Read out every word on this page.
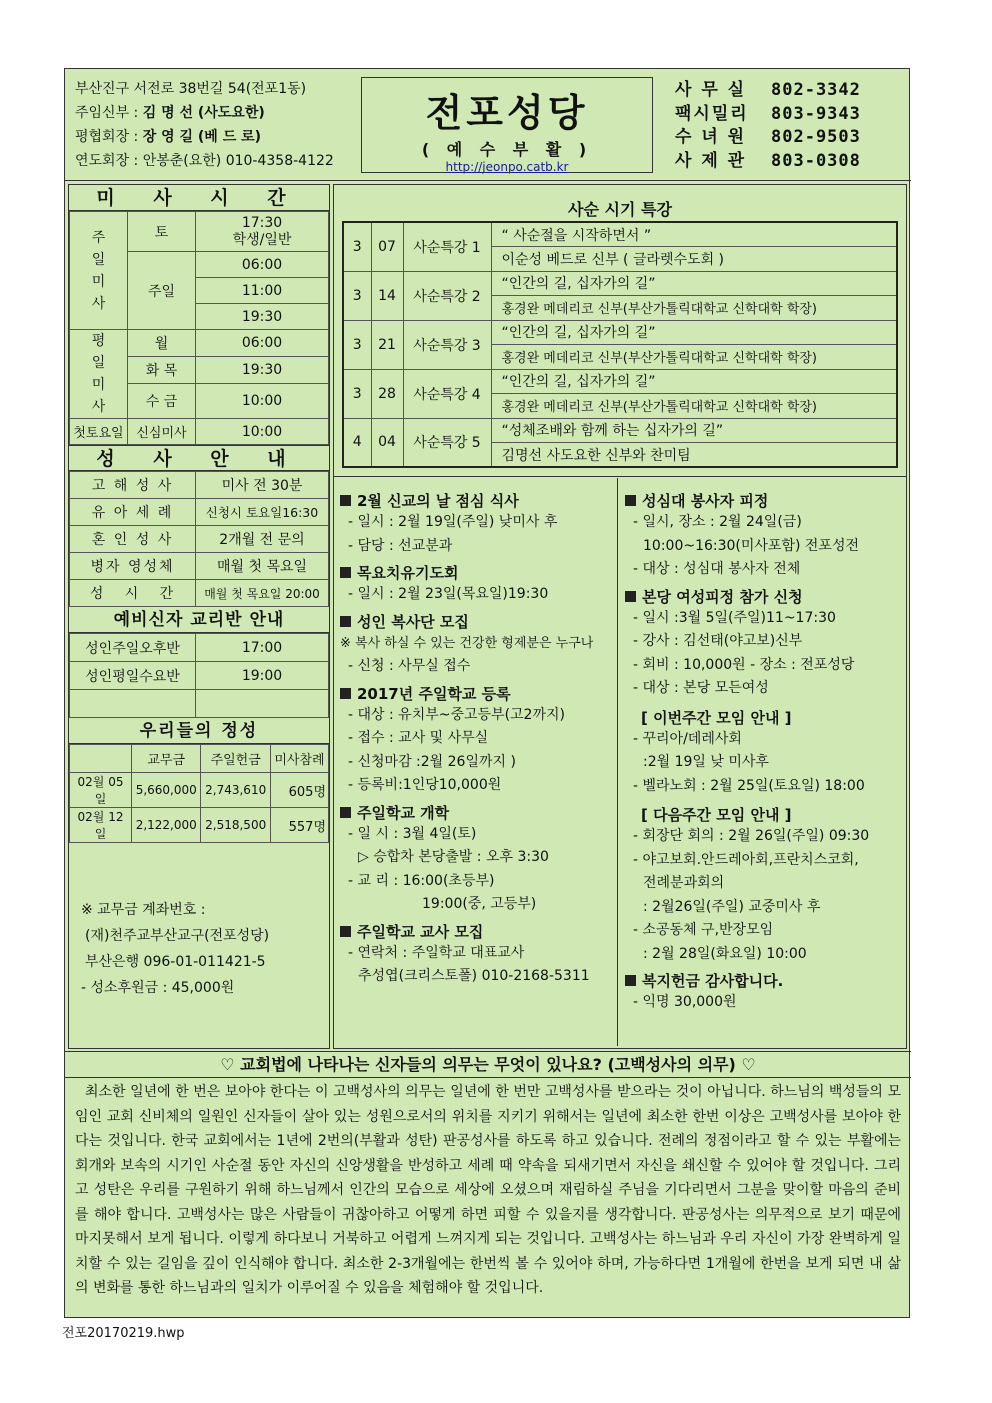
부산진구 서전로 38번길 54(전포1동)
주임신부 : 김 명 선 (사도요한)
평협회장 : 장 영 길 (베 드 로)
연도회장 : 안봉춘(요한) 010-4358-4122
전포성당
( 예 수 부 활 )
http://jeonpo.catb.kr
사 무 실	802-3342
팩시밀리	803-9343
수 녀 원	802-9503
사 제 관	803-0308
미 사 시 간
주
일
미
사	토	17:30
학생/일반
	주일	06:00
		11:00
		19:30
평
일
미
사	월	06:00
	화 목	19:30
	수 금	10:00
첫토요일	신심미사	10:00
성 사 안 내
고 해 성 사	미사 전 30분
유 아 세 례	신청시 토요일16:30
혼 인 성 사	2개월 전 문의
병자 영성체	매월 첫 목요일
성   시   간	매월 첫 목요일 20:00
예비신자 교리반 안내
성인주일오후반	17:00
성인평일수요반	19:00

우리들의 정성
	교무금	주일헌금	미사참례
02월 05일	5,660,000	2,743,610	605명
02월 12일	2,122,000	2,518,500	557명
※ 교무금 계좌번호 :
(재)천주교부산교구(전포성당)
부산은행 096-01-011421-5
- 성소후원금 : 45,000원
사순 시기 특강
3	07	사순특강 1	“ 사순절을 시작하면서 ”
			이순성 베드로 신부 ( 글라렛수도회 )
3	14	사순특강 2	“인간의 길, 십자가의 길”
			홍경완 메데리코 신부(부산가톨릭대학교 신학대학 학장)
3	21	사순특강 3	“인간의 길, 십자가의 길”
			홍경완 메데리코 신부(부산가톨릭대학교 신학대학 학장)
3	28	사순특강 4	“인간의 길, 십자가의 길”
			홍경완 메데리코 신부(부산가톨릭대학교 신학대학 학장)
4	04	사순특강 5	“성체조배와 함께 하는 십자가의 길”
			김명선 사도요한 신부와 찬미팀
2월 신교의 날 점심 식사
- 일시 : 2월 19일(주일) 낮미사 후
- 담당 : 선교분과
목요치유기도회
- 일시 : 2월 23일(목요일)19:30
성인 복사단 모집
※ 복사 하실 수 있는 건강한 형제분은 누구나
- 신청 : 사무실 접수
2017년 주일학교 등록
- 대상 : 유치부~중고등부(고2까지)
- 접수 : 교사 및 사무실
- 신청마감 :2월 26일까지 )
- 등록비:1인당10,000원
주일학교 개학
- 일 시 : 3월 4일(토)
▷ 승합차 본당출발 : 오후 3:30
- 교 리 : 16:00(초등부)
19:00(중, 고등부)
주일학교 교사 모집
- 연락처 : 주일학교 대표교사
추성엽(크리스토폴) 010-2168-5311
성심대 봉사자 피정
- 일시, 장소 : 2월 24일(금)
10:00~16:30(미사포함) 전포성전
- 대상 : 성심대 봉사자 전체
본당 여성피정 참가 신청
- 일시 :3월 5일(주일)11~17:30
- 강사 : 김선태(야고보)신부
- 회비 : 10,000원 - 장소 : 전포성당
- 대상 : 본당 모든여성
[ 이번주간 모임 안내 ]
- 꾸리아/데레사회
:2월 19일 낮 미사후
- 벨라노회 : 2월 25일(토요일) 18:00
[ 다음주간 모임 안내 ]
- 회장단 회의 : 2월 26일(주일) 09:30
- 야고보회.안드레아회,프란치스코회,
전례분과회의
: 2월26일(주일) 교중미사 후
- 소공동체 구,반장모임
: 2월 28일(화요일) 10:00
복지헌금 감사합니다.
- 익명 30,000원
♡ 교회법에 나타나는 신자들의 의무는 무엇이 있나요? (고백성사의 의무) ♡
최소한 일년에 한 번은 보아야 한다는 이 고백성사의 의무는 일년에 한 번만 고백성사를 받으라는 것이 아닙니다. 하느님의 백성들의 모임인 교회 신비체의 일원인 신자들이 살아 있는 성원으로서의 위치를 지키기 위해서는 일년에 최소한 한번 이상은 고백성사를 보아야 한다는 것입니다. 한국 교회에서는 1년에 2번의(부활과 성탄) 판공성사를 하도록 하고 있습니다. 전례의 정점이라고 할 수 있는 부활에는 회개와 보속의 시기인 사순절 동안 자신의 신앙생활을 반성하고 세례 때 약속을 되새기면서 자신을 쇄신할 수 있어야 할 것입니다. 그리고 성탄은 우리를 구원하기 위해 하느님께서 인간의 모습으로 세상에 오셨으며 재림하실 주님을 기다리면서 그분을 맞이할 마음의 준비를 해야 합니다. 고백성사는 많은 사람들이 귀찮아하고 어떻게 하면 피할 수 있을지를 생각합니다. 판공성사는 의무적으로 보기 때문에 마지못해서 보게 됩니다. 이렇게 하다보니 거북하고 어렵게 느껴지게 되는 것입니다. 고백성사는 하느님과 우리 자신이 가장 완벽하게 일치할 수 있는 길임을 깊이 인식해야 합니다. 최소한 2-3개월에는 한번씩 볼 수 있어야 하며, 가능하다면 1개월에 한번을 보게 되면 내 삶의 변화를 통한 하느님과의 일치가 이루어질 수 있음을 체험해야 할 것입니다.
전포20170219.hwp
